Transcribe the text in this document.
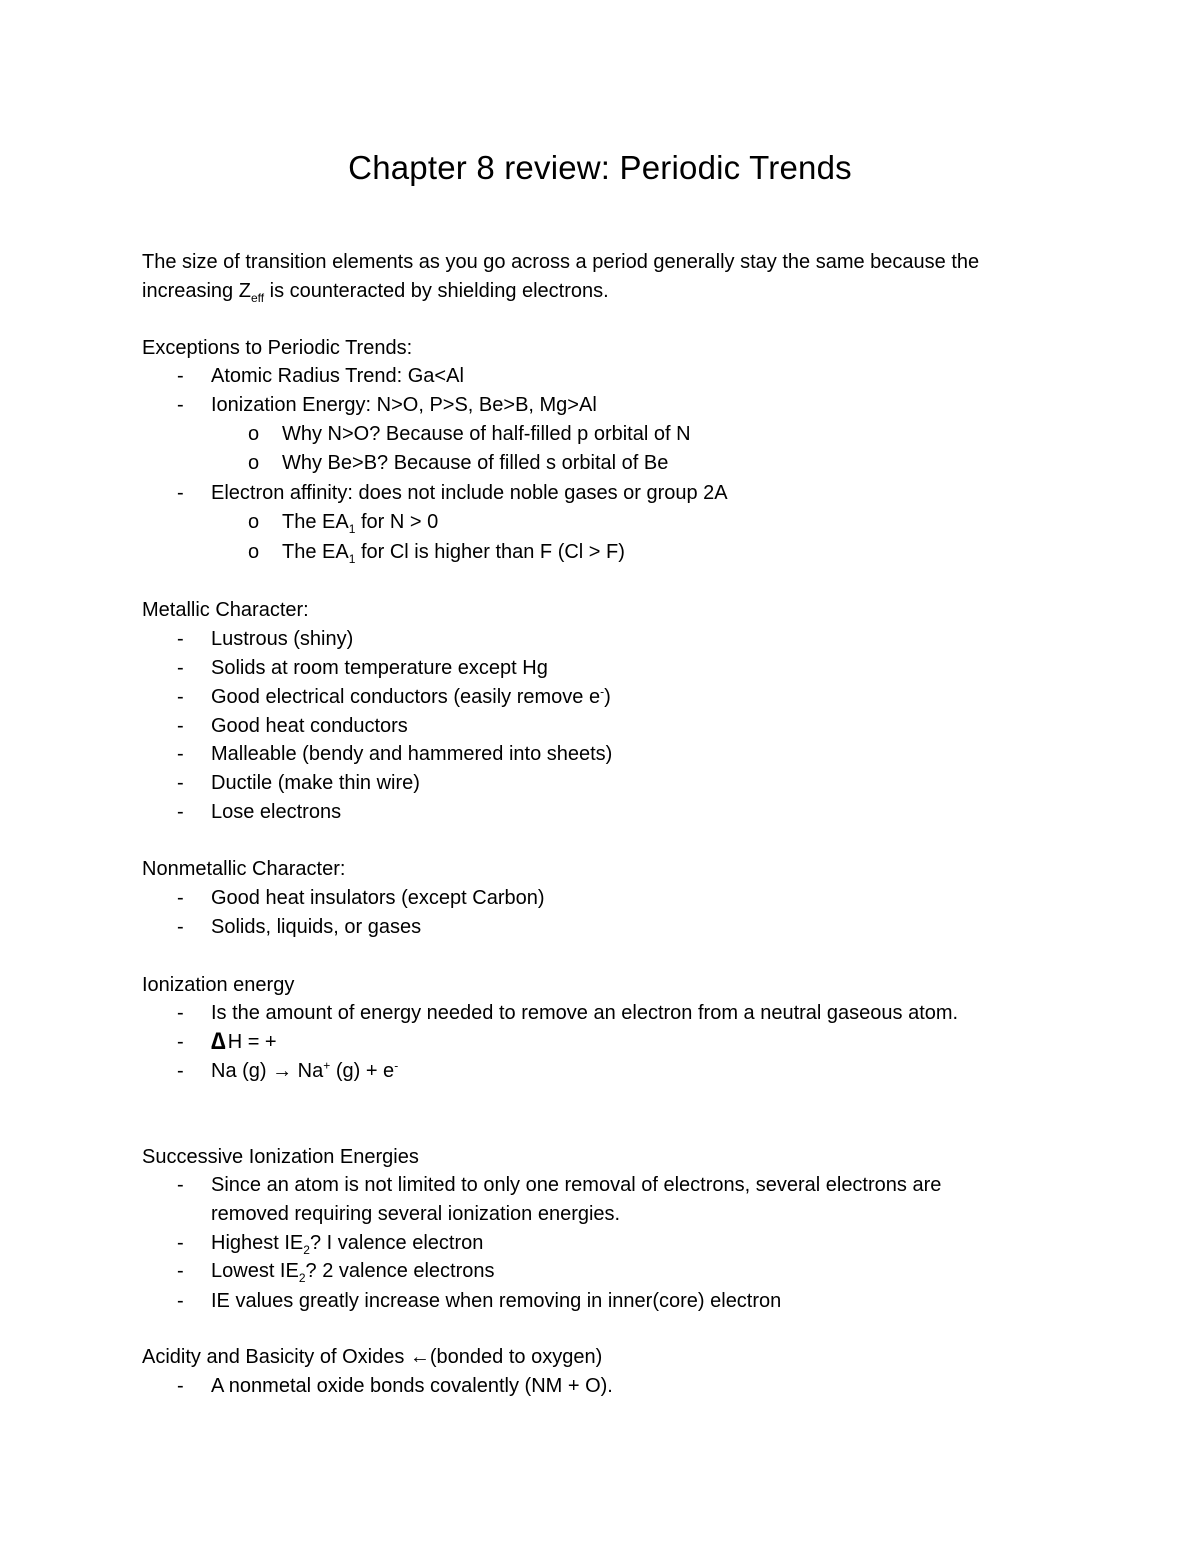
Chapter 8 review: Periodic Trends
The size of transition elements as you go across a period generally stay the same because the
increasing $Z_{eff}$ is counteracted by shielding electrons.
Exceptions to Periodic Trends:
- Atomic Radius Trend: Ga<Al
- Ionization Energy: N>O, P>S, Be>B, Mg>Al
o Why N>O? Because of half-filled p orbital of N
o Why Be>B? Because of filled s orbital of Be
- Electron affinity: does not include noble gases or group 2A
o The $EA_1$ for N > 0
o The $EA_1$ for Cl is higher than F (Cl > F)
Metallic Character:
- Lustrous (shiny)
- Solids at room temperature except Hg
- Good electrical conductors (easily remove e-)
- Good heat conductors
- Malleable (bendy and hammered into sheets)
- Ductile (make thin wire)
- Lose electrons
Nonmetallic Character:
- Good heat insulators (except Carbon)
- Solids, liquids, or gases
Ionization energy
- Is the amount of energy needed to remove an electron from a neutral gaseous atom.
- ∆ H = +
- Na (g) → Na+ (g) + e-
Successive Ionization Energies
- Since an atom is not limited to only one removal of electrons, several electrons are
removed requiring several ionization energies.
- Highest $IE_2$? I valence electron
- Lowest $IE_2$? 2 valence electrons
- IE values greatly increase when removing in inner(core) electron
Acidity and Basicity of Oxides ←(bonded to oxygen)
- A nonmetal oxide bonds covalently (NM + O).
